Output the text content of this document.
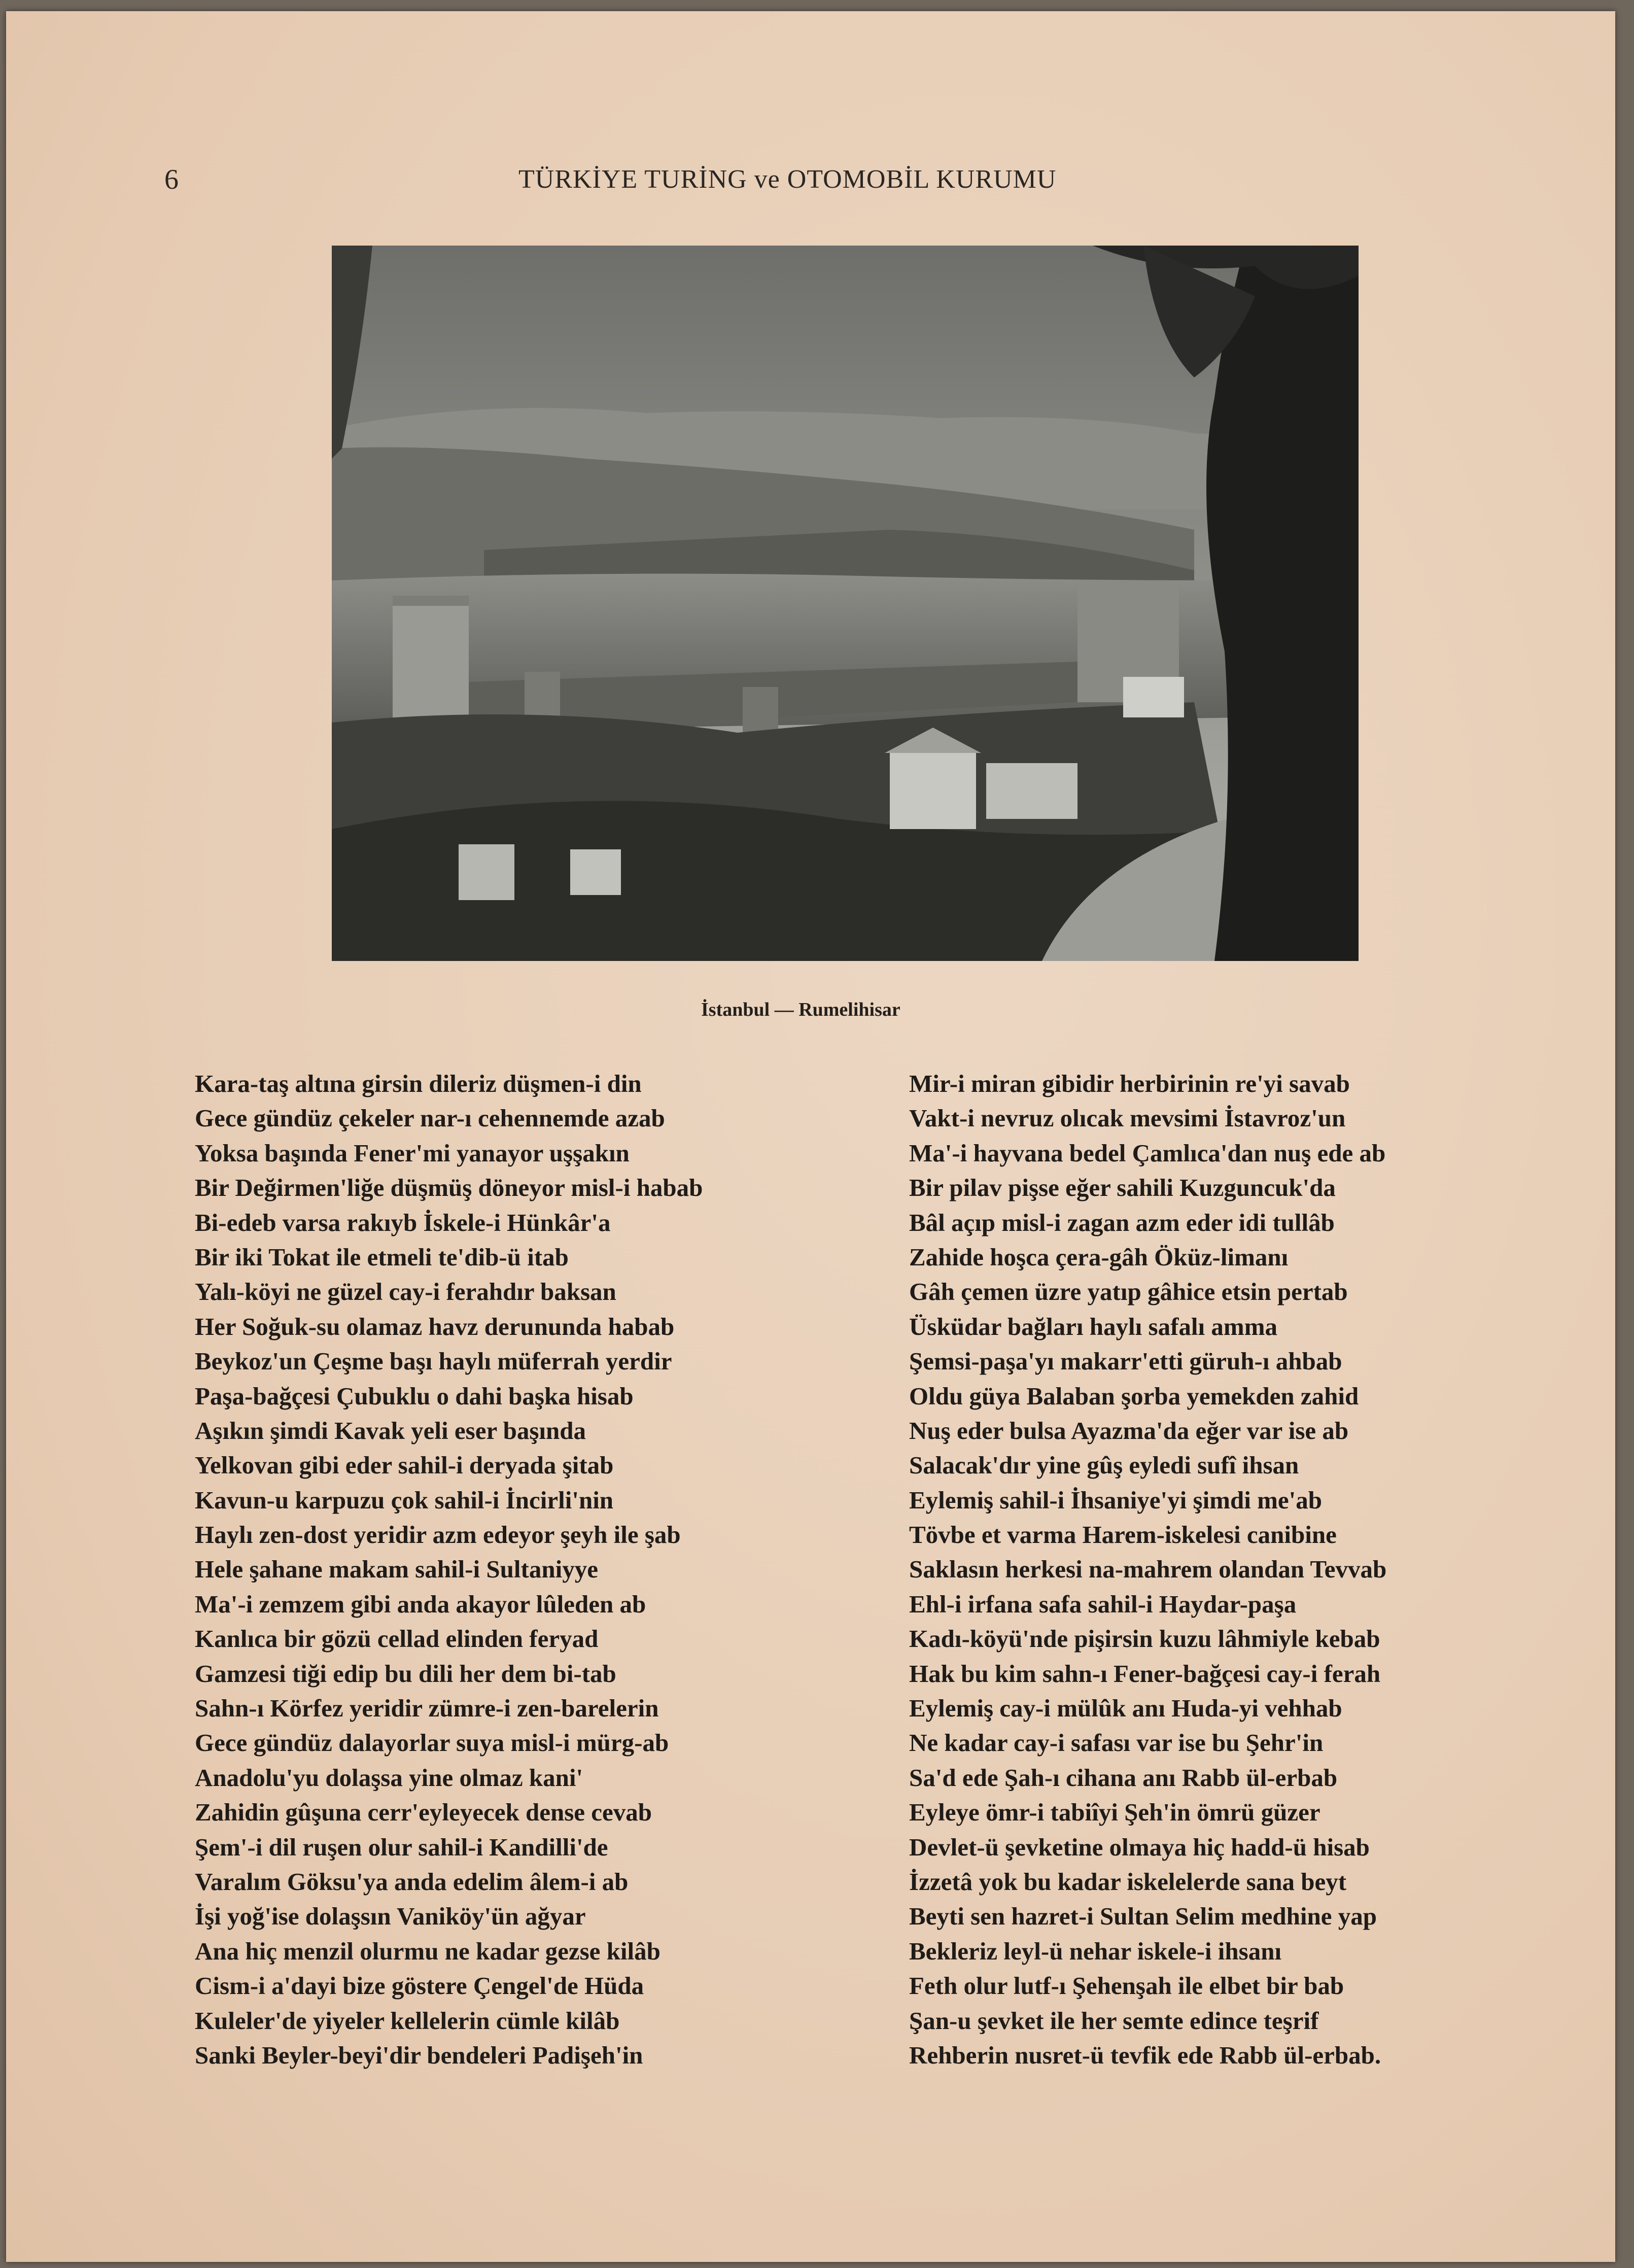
6	TÜRKİYE TURİNG ve OTOMOBİL KURUMU
İstanbul — Rumelihisar
Kara-taş altına girsin dileriz düşmen-i din
Gece gündüz çekeler nar-ı cehennemde azab
Yoksa başında Fener'mi yanayor uşşakın
Bir Değirmen'liğe düşmüş döneyor misl-i habab
Bi-edeb varsa rakıyb İskele-i Hünkâr'a
Bir iki Tokat ile etmeli te'dib-ü itab
Yalı-köyi ne güzel cay-i ferahdır baksan
Her Soğuk-su olamaz havz derununda habab
Beykoz'un Çeşme başı haylı müferrah yerdir
Paşa-bağçesi Çubuklu o dahi başka hisab
Aşıkın şimdi Kavak yeli eser başında
Yelkovan gibi eder sahil-i deryada şitab
Kavun-u karpuzu çok sahil-i İncirli'nin
Haylı zen-dost yeridir azm edeyor şeyh ile şab
Hele şahane makam sahil-i Sultaniyye
Ma'-i zemzem gibi anda akayor lûleden ab
Kanlıca bir gözü cellad elinden feryad
Gamzesi tiği edip bu dili her dem bi-tab
Sahn-ı Körfez yeridir zümre-i zen-barelerin
Gece gündüz dalayorlar suya misl-i mürg-ab
Anadolu'yu dolaşsa yine olmaz kani'
Zahidin gûşuna cerr'eyleyecek dense cevab
Şem'-i dil ruşen olur sahil-i Kandilli'de
Varalım Göksu'ya anda edelim âlem-i ab
İşi yoğ'ise dolaşsın Vaniköy'ün ağyar
Ana hiç menzil olurmu ne kadar gezse kilâb
Cism-i a'dayi bize göstere Çengel'de Hüda
Kuleler'de yiyeler kellelerin cümle kilâb
Sanki Beyler-beyi'dir bendeleri Padişeh'in
Mir-i miran gibidir herbirinin re'yi savab
Vakt-i nevruz olıcak mevsimi İstavroz'un
Ma'-i hayvana bedel Çamlıca'dan nuş ede ab
Bir pilav pişse eğer sahili Kuzguncuk'da
Bâl açıp misl-i zagan azm eder idi tullâb
Zahide hoşca çera-gâh Öküz-limanı
Gâh çemen üzre yatıp gâhice etsin pertab
Üsküdar bağları haylı safalı amma
Şemsi-paşa'yı makarr'etti güruh-ı ahbab
Oldu güya Balaban şorba yemekden zahid
Nuş eder bulsa Ayazma'da eğer var ise ab
Salacak'dır yine gûş eyledi sufî ihsan
Eylemiş sahil-i İhsaniye'yi şimdi me'ab
Tövbe et varma Harem-iskelesi canibine
Saklasın herkesi na-mahrem olandan Tevvab
Ehl-i irfana safa sahil-i Haydar-paşa
Kadı-köyü'nde pişirsin kuzu lâhmiyle kebab
Hak bu kim sahn-ı Fener-bağçesi cay-i ferah
Eylemiş cay-i mülûk anı Huda-yi vehhab
Ne kadar cay-i safası var ise bu Şehr'in
Sa'd ede Şah-ı cihana anı Rabb ül-erbab
Eyleye ömr-i tabiîyi Şeh'in ömrü güzer
Devlet-ü şevketine olmaya hiç hadd-ü hisab
İzzetâ yok bu kadar iskelelerde sana beyt
Beyti sen hazret-i Sultan Selim medhine yap
Bekleriz leyl-ü nehar iskele-i ihsanı
Feth olur lutf-ı Şehenşah ile elbet bir bab
Şan-u şevket ile her semte edince teşrif
Rehberin nusret-ü tevfik ede Rabb ül-erbab.
